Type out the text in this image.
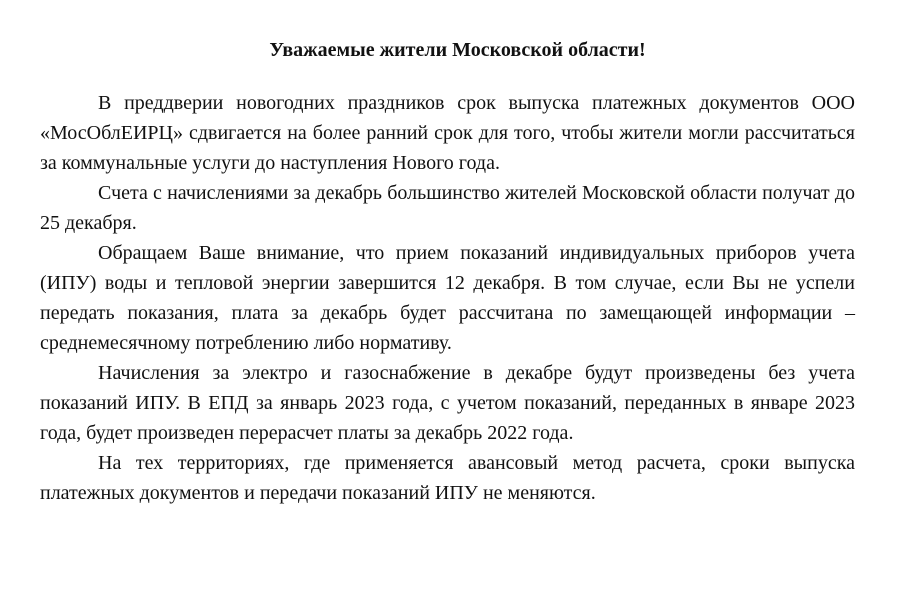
Уважаемые жители Московской области!

В преддверии новогодних праздников срок выпуска платежных документов ООО «МосОблЕИРЦ» сдвигается на более ранний срок для того, чтобы жители могли рассчитаться за коммунальные услуги до наступления Нового года.

Счета с начислениями за декабрь большинство жителей Московской области получат до 25 декабря.

Обращаем Ваше внимание, что прием показаний индивидуальных приборов учета (ИПУ) воды и тепловой энергии завершится 12 декабря. В том случае, если Вы не успели передать показания, плата за декабрь будет рассчитана по замещающей информации – среднемесячному потреблению либо нормативу.

Начисления за электро и газоснабжение в декабре будут произведены без учета показаний ИПУ. В ЕПД за январь 2023 года, с учетом показаний, переданных в январе 2023 года, будет произведен перерасчет платы за декабрь 2022 года.

На тех территориях, где применяется авансовый метод расчета, сроки выпуска платежных документов и передачи показаний ИПУ не меняются.
